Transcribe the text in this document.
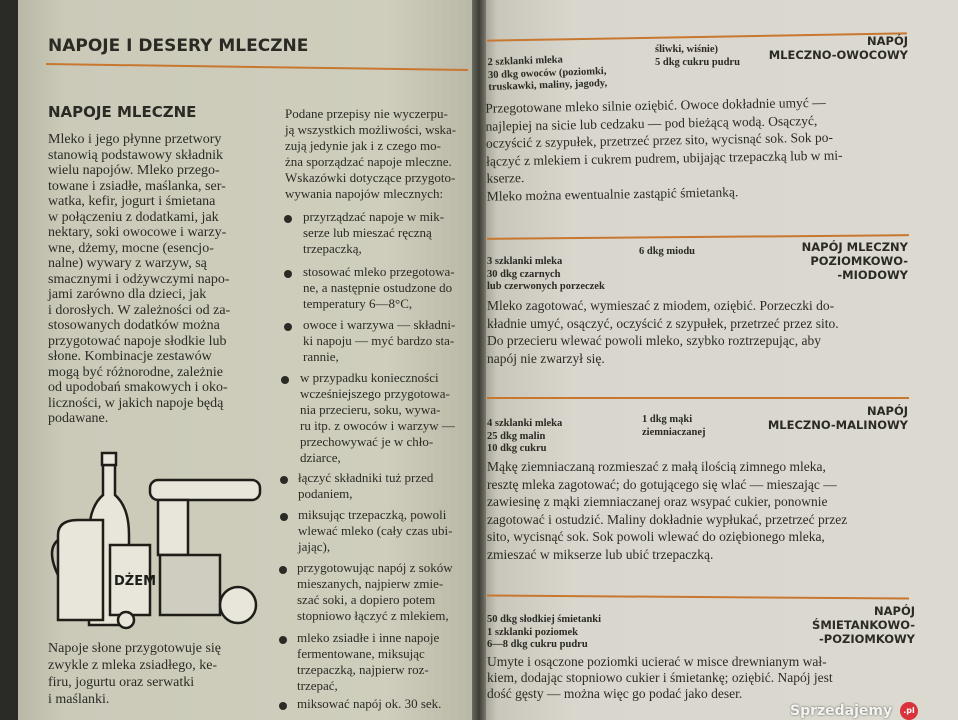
NAPOJE I DESERY MLECZNE
NAPOJE MLECZNE
Mleko i jego płynne przetwory
stanowią podstawowy składnik
wielu napojów. Mleko przego-
towane i zsiadłe, maślanka, ser-
watka, kefir, jogurt i śmietana
w połączeniu z dodatkami, jak
nektary, soki owocowe i warzy-
wne, dżemy, mocne (esencjo-
nalne) wywary z warzyw, są
smacznymi i odżywczymi napo-
jami zarówno dla dzieci, jak
i dorosłych. W zależności od za-
stosowanych dodatków można
przygotować napoje słodkie lub
słone. Kombinacje zestawów
mogą być różnorodne, zależnie
od upodobań smakowych i oko-
liczności, w jakich napoje będą
podawane.
DŻEM
Napoje słone przygotowuje się
zwykle z mleka zsiadłego, ke-
firu, jogurtu oraz serwatki
i maślanki.
Podane przepisy nie wyczerpu-
ją wszystkich możliwości, wska-
zują jedynie jak i z czego mo-
żna sporządzać napoje mleczne.
Wskazówki dotyczące przygoto-
wywania napojów mlecznych:
przyrządzać napoje w mik-
serze lub mieszać ręczną
trzepaczką,
stosować mleko przegotowa-
ne, a następnie ostudzone do
temperatury 6—8°C,
owoce i warzywa — składni-
ki napoju — myć bardzo sta-
rannie,
w przypadku konieczności
wcześniejszego przygotowa-
nia przecieru, soku, wywa-
ru itp. z owoców i warzyw —
przechowywać je w chło-
dziarce,
łączyć składniki tuż przed
podaniem,
miksując trzepaczką, powoli
wlewać mleko (cały czas ubi-
jając),
przygotowując napój z soków
mieszanych, najpierw zmie-
szać soki, a dopiero potem
stopniowo łączyć z mlekiem,
mleko zsiadłe i inne napoje
fermentowane, miksując
trzepaczką, najpierw roz-
trzepać,
miksować napój ok. 30 sek.
NAPÓJ
MLECZNO-OWOCOWY
2 szklanki mleka
30 dkg owoców (poziomki,
truskawki, maliny, jagody,
śliwki, wiśnie)
5 dkg cukru pudru
Przegotowane mleko silnie oziębić. Owoce dokładnie umyć —
najlepiej na sicie lub cedzaku — pod bieżącą wodą. Osączyć,
oczyścić z szypułek, przetrzeć przez sito, wycisnąć sok. Sok po-
łączyć z mlekiem i cukrem pudrem, ubijając trzepaczką lub w mi-
kserze.
Mleko można ewentualnie zastąpić śmietanką.
NAPÓJ MLECZNY
POZIOMKOWO-
-MIODOWY
3 szklanki mleka
30 dkg czarnych
lub czerwonych porzeczek
6 dkg miodu
Mleko zagotować, wymieszać z miodem, oziębić. Porzeczki do-
kładnie umyć, osączyć, oczyścić z szypułek, przetrzeć przez sito.
Do przecieru wlewać powoli mleko, szybko roztrzepując, aby
napój nie zwarzył się.
NAPÓJ
MLECZNO-MALINOWY
4 szklanki mleka
25 dkg malin
10 dkg cukru
1 dkg mąki
ziemniaczanej
Mąkę ziemniaczaną rozmieszać z małą ilością zimnego mleka,
resztę mleka zagotować; do gotującego się wlać — mieszając —
zawiesinę z mąki ziemniaczanej oraz wsypać cukier, ponownie
zagotować i ostudzić. Maliny dokładnie wypłukać, przetrzeć przez
sito, wycisnąć sok. Sok powoli wlewać do oziębionego mleka,
zmieszać w mikserze lub ubić trzepaczką.
NAPÓJ
ŚMIETANKOWO-
-POZIOMKOWY
50 dkg słodkiej śmietanki
1 szklanki poziomek
6—8 dkg cukru pudru
Umyte i osączone poziomki ucierać w misce drewnianym wał-
kiem, dodając stopniowo cukier i śmietankę; oziębić. Napój jest
dość gęsty — można więc go podać jako deser.
Sprzedajemy	.pl
